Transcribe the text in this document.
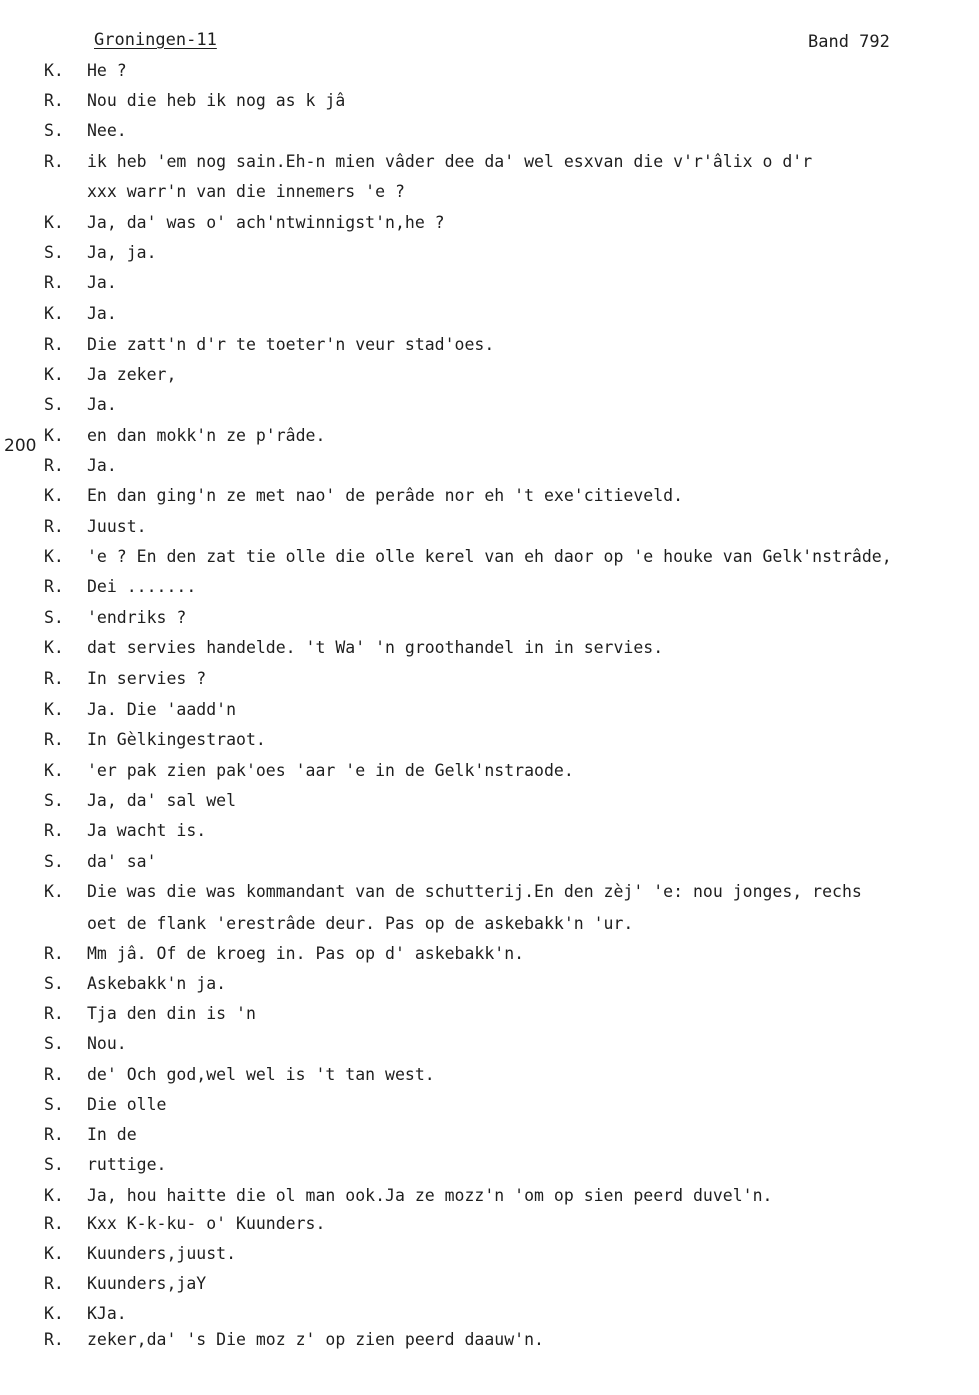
Groningen-11	Band 792
200
K. He ?
R. Nou die heb ik nog as k jâ
S. Nee.
R. ik heb 'em nog sain.Eh-n mien vâder dee da' wel esxvan die v'r'âlix o d'r
xxx warr'n van die innemers 'e ?
K. Ja, da' was o' ach'ntwinnigst'n,he ?
S. Ja, ja.
R. Ja.
K. Ja.
R. Die zatt'n d'r te toeter'n veur stad'oes.
K. Ja zeker,
S. Ja.
K. en dan mokk'n ze p'râde.
R. Ja.
K. En dan ging'n ze met nao' de perâde nor eh 't exe'citieveld.
R. Juust.
K. 'e ? En den zat tie olle die olle kerel van eh daor op 'e houke van Gelk'nstrâde,
R. Dei .......
S. 'endriks ?
K. dat servies handelde. 't Wa' 'n groothandel in in servies.
R. In servies ?
K. Ja. Die 'aadd'n
R. In Gèlkingestraot.
K. 'er pak zien pak'oes 'aar 'e in de Gelk'nstraode.
S. Ja, da' sal wel
R. Ja wacht is.
S. da' sa'
K. Die was die was kommandant van de schutterij.En den zèj' 'e: nou jonges, rechs
oet de flank 'erestrâde deur. Pas op de askebakk'n 'ur.
R. Mm jâ. Of de kroeg in. Pas op d' askebakk'n.
S. Askebakk'n ja.
R. Tja den din is 'n
S. Nou.
R. de' Och god,wel wel is 't tan west.
S. Die olle
R. In de
S. ruttige.
K. Ja, hou haitte die ol man ook.Ja ze mozz'n 'om op sien peerd duvel'n.
R. Kxx K-k-ku- o' Kuunders.
K. Kuunders,juust.
R. Kuunders,jaY
K. KJa.
R. zeker,da' 's Die moz z' op zien peerd daauw'n.
